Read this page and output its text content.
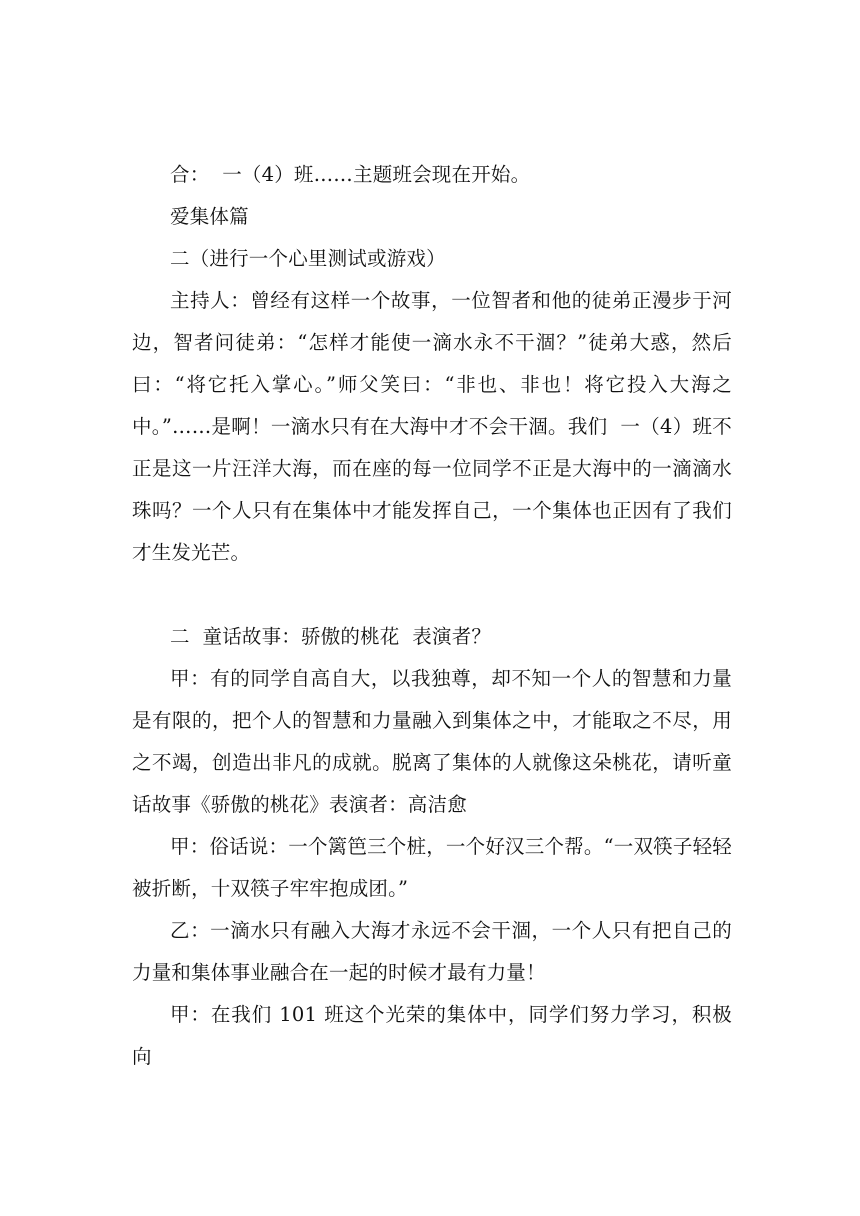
合：  一（4）班……主题班会现在开始。

爱集体篇

二（进行一个心里测试或游戏）

主持人：曾经有这样一个故事，一位智者和他的徒弟正漫步于河边，智者问徒弟：“怎样才能使一滴水永不干涸？”徒弟大惑，然后曰：“将它托入掌心。”师父笑曰：“非也、非也！将它投入大海之中。”……是啊！一滴水只有在大海中才不会干涸。我们  一（4）班不正是这一片汪洋大海，而在座的每一位同学不正是大海中的一滴滴水珠吗？一个人只有在集体中才能发挥自己，一个集体也正因有了我们才生发光芒。

二  童话故事：骄傲的桃花  表演者？

甲：有的同学自高自大，以我独尊，却不知一个人的智慧和力量是有限的，把个人的智慧和力量融入到集体之中，才能取之不尽，用之不竭，创造出非凡的成就。脱离了集体的人就像这朵桃花，请听童话故事《骄傲的桃花》表演者：高洁愈

甲：俗话说：一个篱笆三个桩，一个好汉三个帮。“一双筷子轻轻被折断，十双筷子牢牢抱成团。”

乙：一滴水只有融入大海才永远不会干涸，一个人只有把自己的力量和集体事业融合在一起的时候才最有力量！

甲：在我们 101 班这个光荣的集体中，同学们努力学习，积极向
